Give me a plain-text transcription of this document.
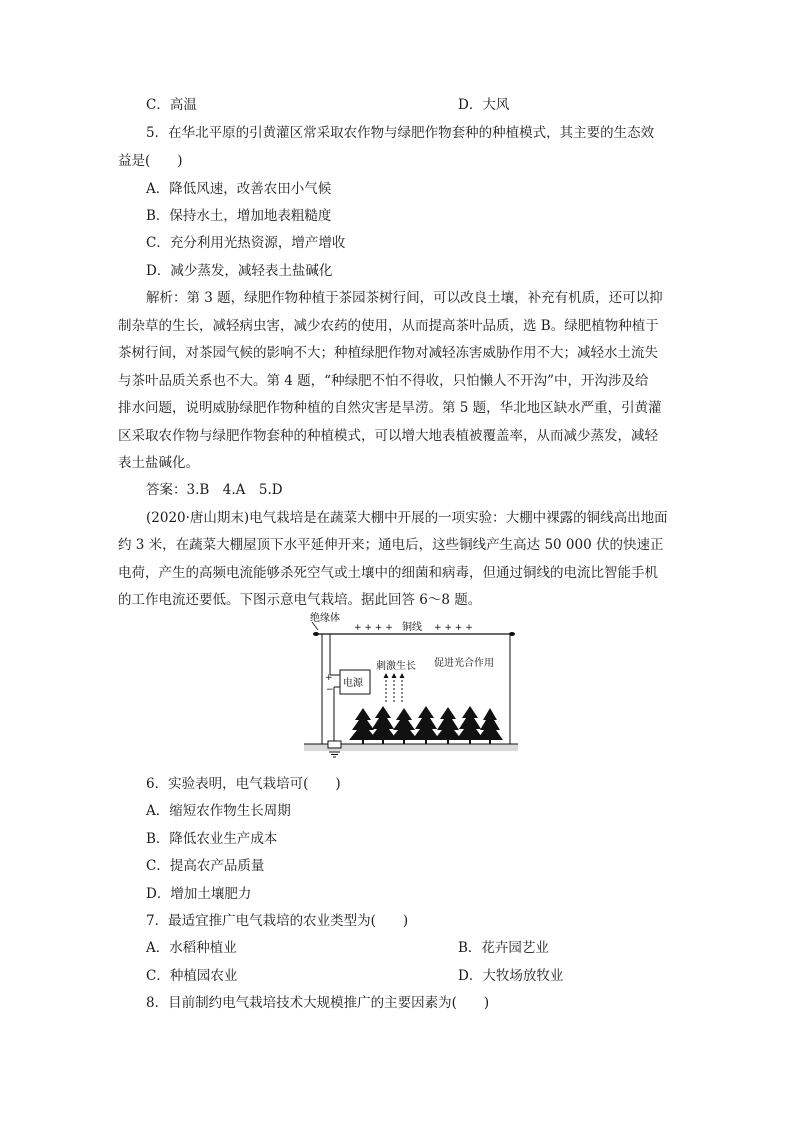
C．高温	D．大风
5．在华北平原的引黄灌区常采取农作物与绿肥作物套种的种植模式，其主要的生态效
益是(　　)
A．降低风速，改善农田小气候
B．保持水土，增加地表粗糙度
C．充分利用光热资源，增产增收
D．减少蒸发，减轻表土盐碱化
解析：第 3 题，绿肥作物种植于茶园茶树行间，可以改良土壤，补充有机质，还可以抑
制杂草的生长，减轻病虫害，减少农药的使用，从而提高茶叶品质，选 B。绿肥植物种植于
茶树行间，对茶园气候的影响不大；种植绿肥作物对减轻冻害威胁作用不大；减轻水土流失
与茶叶品质关系也不大。第 4 题，“种绿肥不怕不得收，只怕懒人不开沟”中，开沟涉及给
排水问题，说明威胁绿肥作物种植的自然灾害是旱涝。第 5 题，华北地区缺水严重，引黄灌
区采取农作物与绿肥作物套种的种植模式，可以增大地表植被覆盖率，从而减少蒸发，减轻
表土盐碱化。
答案：3.B　4.A　5.D
(2020·唐山期末)电气栽培是在蔬菜大棚中开展的一项实验：大棚中裸露的铜线高出地面
约 3 米，在蔬菜大棚屋顶下水平延伸开来；通电后，这些铜线产生高达 50 000 伏的快速正
电荷，产生的高频电流能够杀死空气或土壤中的细菌和病毒，但通过铜线的电流比智能手机
的工作电流还要低。下图示意电气栽培。据此回答 6～8 题。
绝缘体
+ + + + 铜线 + + + +
+
−
电源
刺激生长 促进光合作用
6．实验表明，电气栽培可(　　)
A．缩短农作物生长周期
B．降低农业生产成本
C．提高农产品质量
D．增加土壤肥力
7．最适宜推广电气栽培的农业类型为(　　)
A．水稻种植业	B．花卉园艺业
C．种植园农业	D．大牧场放牧业
8．目前制约电气栽培技术大规模推广的主要因素为(　　)
